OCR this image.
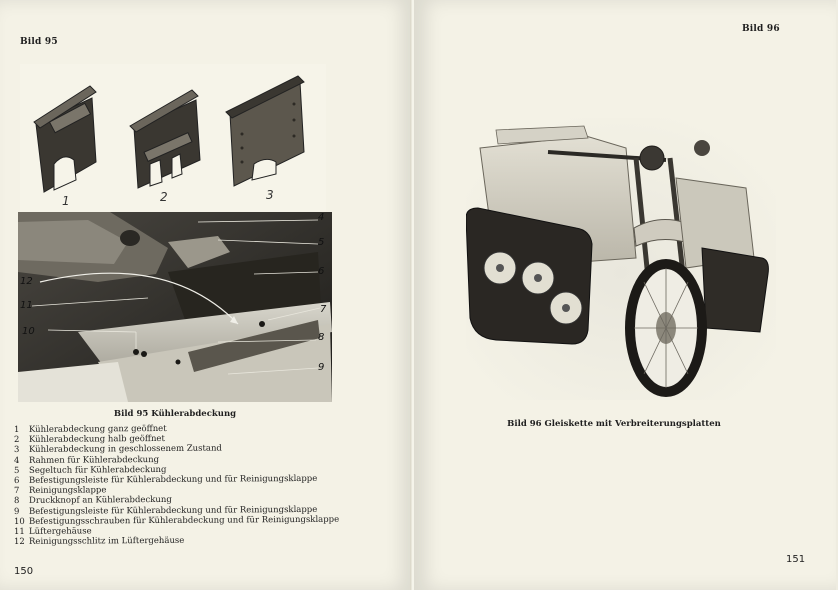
Bild 95
1	2	3
4
5
6
7
8
9
10
11
12
Bild 95 Kühlerabdeckung
1	Kühlerabdeckung ganz geöffnet
2	Kühlerabdeckung halb geöffnet
3	Kühlerabdeckung in geschlossenem Zustand
4	Rahmen für Kühlerabdeckung
5	Segeltuch für Kühlerabdeckung
6	Befestigungsleiste für Kühlerabdeckung und für Reinigungsklappe
7	Reinigungsklappe
8	Druckknopf an Kühlerabdeckung
9	Befestigungsleiste für Kühlerabdeckung und für Reinigungsklappe
10 Befestigungsschrauben für Kühlerabdeckung und für Reinigungsklappe
11 Lüftergehäuse
12 Reinigungsschlitz im Lüftergehäuse
150
Bild 96
Bild 96 Gleiskette mit Verbreiterungsplatten
151
